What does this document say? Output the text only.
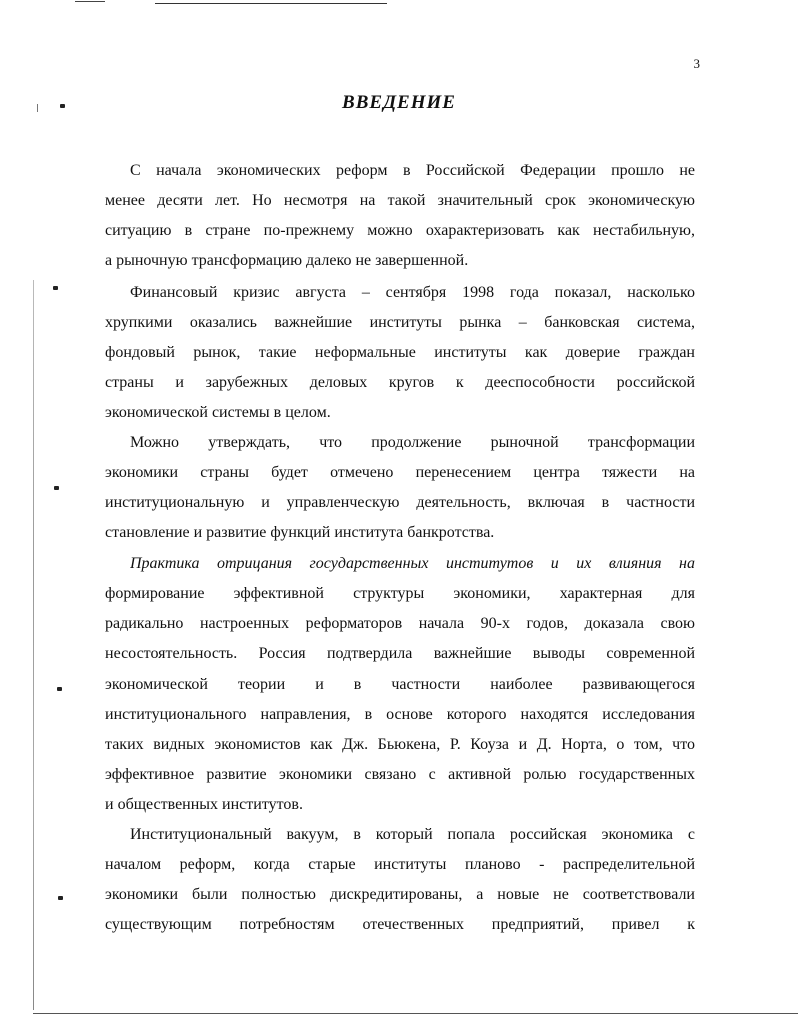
3
ВВЕДЕНИЕ
С начала экономических реформ в Российской Федерации прошло не
менее десяти лет. Но несмотря на такой значительный срок экономическую
ситуацию в стране по-прежнему можно охарактеризовать как нестабильную,
а рыночную трансформацию далеко не завершенной.
Финансовый кризис августа – сентября 1998 года показал, насколько
хрупкими оказались важнейшие институты рынка – банковская система,
фондовый рынок, такие неформальные институты как доверие граждан
страны и зарубежных деловых кругов к дееспособности российской
экономической системы в целом.
Можно утверждать, что продолжение рыночной трансформации
экономики страны будет отмечено перенесением центра тяжести на
институциональную и управленческую деятельность, включая в частности
становление и развитие функций института банкротства.
Практика отрицания государственных институтов и их влияния на
формирование эффективной структуры экономики, характерная для
радикально настроенных реформаторов начала 90-х годов, доказала свою
несостоятельность. Россия подтвердила важнейшие выводы современной
экономической теории и в частности наиболее развивающегося
институционального направления, в основе которого находятся исследования
таких видных экономистов как Дж. Бьюкена, Р. Коуза и Д. Норта, о том, что
эффективное развитие экономики связано с активной ролью государственных
и общественных институтов.
Институциональный вакуум, в который попала российская экономика с
началом реформ, когда старые институты планово - распределительной
экономики были полностью дискредитированы, а новые не соответствовали
существующим потребностям отечественных предприятий, привел к
